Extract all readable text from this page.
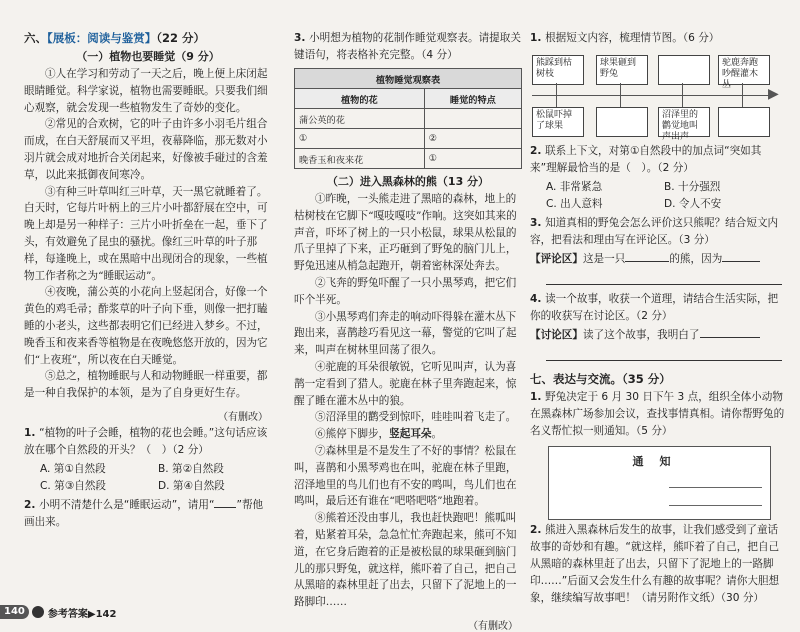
六、【展板：阅读与鉴赏】（22 分）

（一）植物也要睡觉（9 分）

①人在学习和劳动了一天之后，晚上便上床闭起眼睛睡觉。科学家说，植物也需要睡眠。只要我们细心观察，就会发现一些植物发生了奇妙的变化。

②常见的合欢树，它的叶子由许多小羽毛片组合而成，在白天舒展而又平坦，夜幕降临，那无数对小羽片就会成对地折合关闭起来，好像被手碰过的含羞草，以此来抵御夜间寒冷。

③有种三叶草叫红三叶草，天一黑它就睡着了。白天时，它每片叶柄上的三片小叶都舒展在空中，可晚上却是另一种样子：三片小叶折垒在一起，垂下了头，有效避免了昆虫的骚扰。像红三叶草的叶子那样，每逢晚上，或在黑暗中出现闭合的现象，一些植物工作者称之为“睡眠运动”。

④夜晚，蒲公英的小花向上竖起闭合，好像一个黄色的鸡毛帚；酢浆草的叶子向下垂，则像一把打瞌睡的小老头，这些都表明它们已经进入梦乡。不过，晚香玉和夜来香等植物是在夜晚悠悠开放的，因为它们“上夜班”，所以夜在白天睡觉。

⑤总之，植物睡眠与人和动物睡眠一样重要，都是一种自我保护的本领，是为了自身更好生存。

（有删改）

1. “植物的叶子会睡，植物的花也会睡。”这句话应该放在哪个自然段的开头？（　）（2 分）

A. 第①自然段	B. 第②自然段
C. 第③自然段	D. 第④自然段

2. 小明不清楚什么是“睡眠运动”，请用“ ”帮他画出来。

3. 小明想为植物的花制作睡觉观察表。请提取关键语句，将表格补充完整。（4 分）

植物睡觉观察表	
植物的花	睡觉的特点
蒲公英的花	
①	②
晚香玉和夜来花	①

（二）进入黑森林的熊（13 分）

①昨晚，一头熊走进了黑暗的森林，地上的枯树枝在它脚下“嘎吱嘎吱”作响。这突如其来的声音，吓坏了树上的一只小松鼠，球果从松鼠的爪子里掉了下来，正巧砸到了野兔的脑门儿上，野兔迅速从梢急起跑开，朝着密林深处奔去。

②飞奔的野兔吓醒了一只小黑琴鸡，把它们吓个半死。

③小黑琴鸡们奔走的响动吓得躲在灌木丛下跑出来，喜鹊趁巧看见这一幕，警觉的它叫了起来，叫声在树林里回荡了很久。

④驼鹿的耳朵很敏锐，它听见叫声，认为喜鹊一定看到了猎人。驼鹿在林子里奔跑起来，惊醒了睡在灌木丛中的狼。

⑤沼泽里的鹳受到惊吓，哇哇叫着飞走了。

⑥熊停下脚步，竖起耳朵。

⑦森林里是不是发生了不好的事情？松鼠在叫，喜鹊和小黑琴鸡也在叫，驼鹿在林子里跑，沼泽地里的鸟儿们也有不安的鸣叫，鸟儿们也在鸣叫，最后还有谁在“吧嗒吧嗒”地跑着。

⑧熊着还没由事儿，我也赶快跑吧！熊呱叫着，贴紧着耳朵，急急忙忙奔跑起来，熊可不知道，在它身后跑着的正是被松鼠的球果砸到脑门儿的那只野兔，就这样，熊吓着了自己，把自己从黑暗的森林里赶了出去，只留下了泥地上的一路脚印……

（有删改）

1. 根据短文内容，梳理情节图。（6 分）

熊踩到枯树枝
球果砸到野兔
驼鹿奔跑吵醒灌木丛
松鼠吓掉了球果
沼泽里的鹳觉地叫声出声
▶

2. 联系上下文，对第①自然段中的加点词“突如其来”理解最恰当的是（　）。（2 分）

A. 非常紧急	B. 十分强烈
C. 出人意料	D. 令人不安

3. 知道真相的野兔会怎么评价这只熊呢？结合短文内容，把看法和理由写在评论区。（3 分）

【评论区】这是一只	的熊，因为

4. 读一个故事，收获一个道理，请结合生活实际，把你的收获写在讨论区。（2 分）

【讨论区】读了这个故事，我明白了

七、表达与交流。（35 分）

1. 野兔决定于 6 月 30 日下午 3 点，组织全体小动物在黑森林广场参加会议，查找事情真相。请你帮野兔的名义帮忙拟一则通知。（5 分）

通知

2. 熊进入黑森林后发生的故事，让我们感受到了童话故事的奇妙和有趣。“就这样，熊吓着了自己，把自己从黑暗的森林里赶了出去，只留下了泥地上的一路脚印……”后面又会发生什么有趣的故事呢？请你大胆想象，继续编写故事吧！（请另附作文纸）（30 分）

140	参考答案▶142
